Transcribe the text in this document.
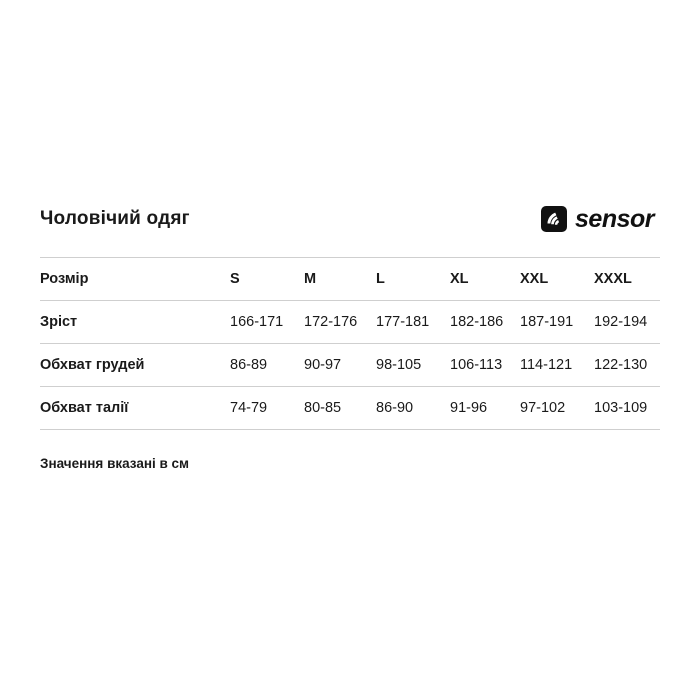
Чоловічий одяг	sensor
Розмір	S	M	L	XL	XXL	XXXL
Зріст	166-171	172-176	177-181	182-186	187-191	192-194
Обхват грудей	86-89	90-97	98-105	106-113	114-121	122-130
Обхват талії	74-79	80-85	86-90	91-96	97-102	103-109
Значення вказані в см
